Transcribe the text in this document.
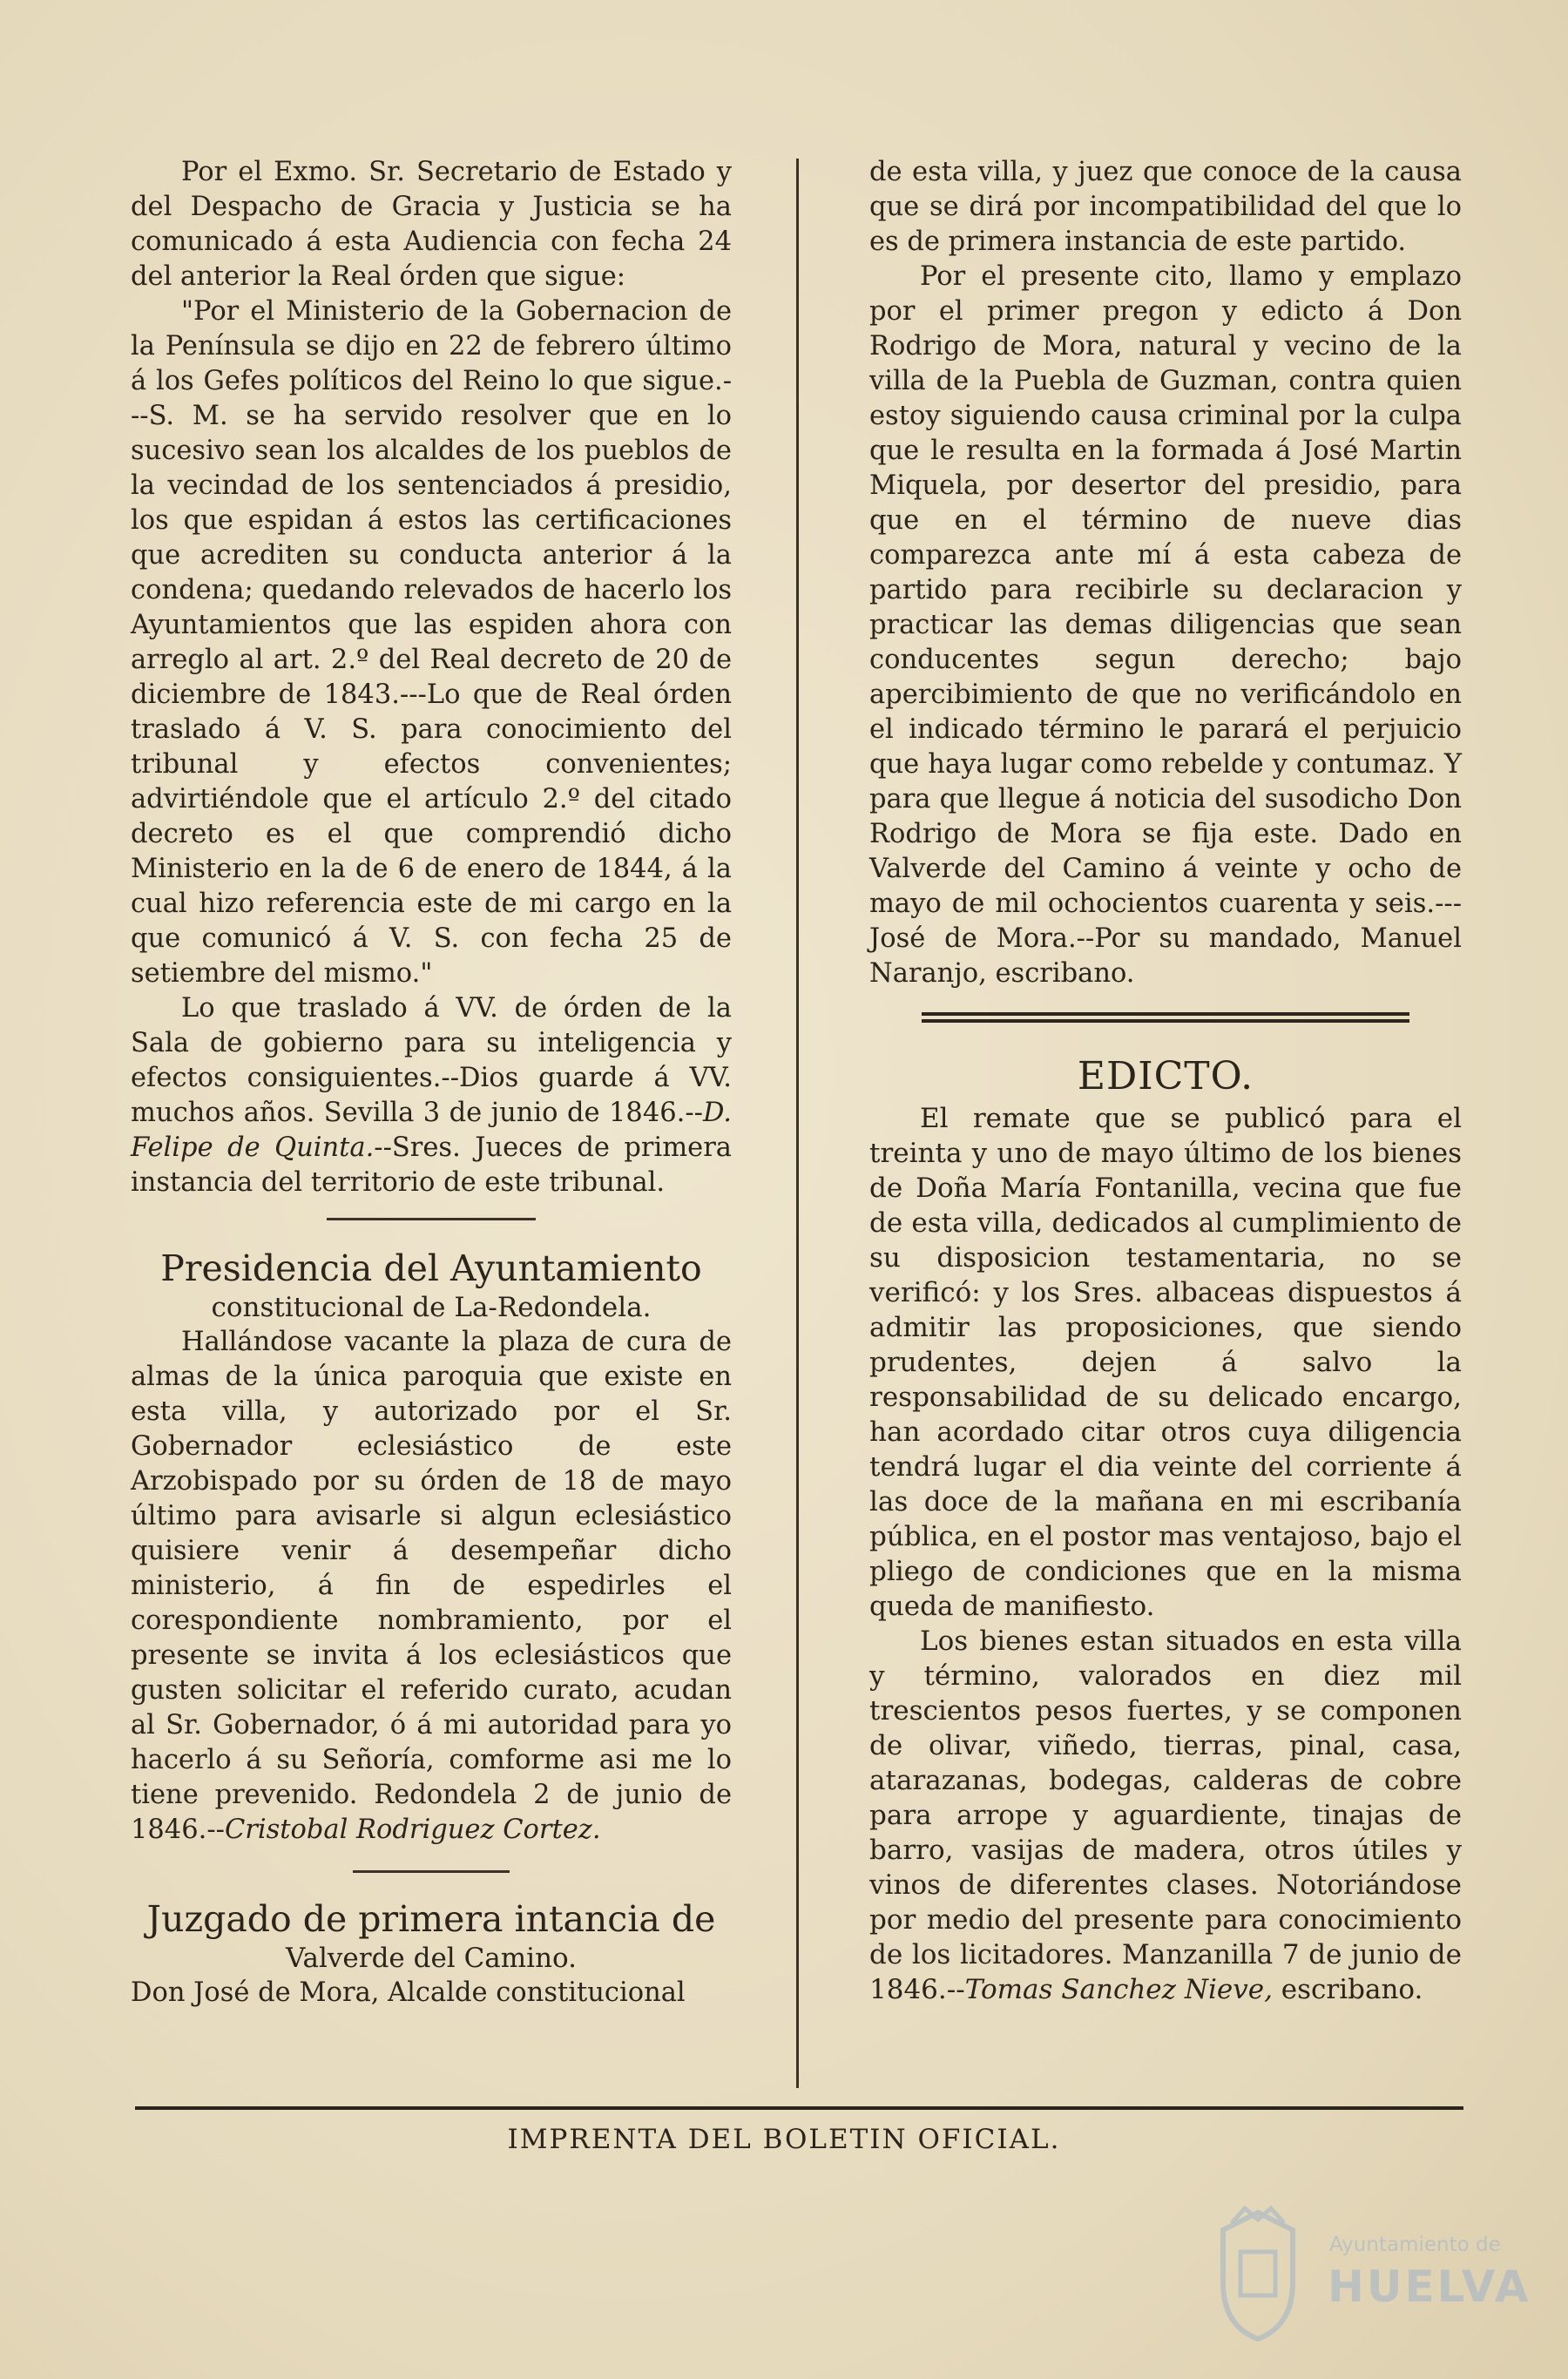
Por el Exmo. Sr. Secretario de Estado y del Despacho de Gracia y Justicia se ha comunicado á esta Audiencia con fecha 24 del anterior la Real órden que sigue:

"Por el Ministerio de la Gobernacion de la Península se dijo en 22 de febrero último á los Gefes políticos del Reino lo que sigue.---S. M. se ha servido resolver que en lo sucesivo sean los alcaldes de los pueblos de la vecindad de los sentenciados á presidio, los que espidan á estos las certificaciones que acrediten su conducta anterior á la condena; quedando relevados de hacerlo los Ayuntamientos que las espiden ahora con arreglo al art. 2.º del Real decreto de 20 de diciembre de 1843.---Lo que de Real órden traslado á V. S. para conocimiento del tribunal y efectos convenientes; advirtiéndole que el artículo 2.º del citado decreto es el que comprendió dicho Ministerio en la de 6 de enero de 1844, á la cual hizo referencia este de mi cargo en la que comunicó á V. S. con fecha 25 de setiembre del mismo."

Lo que traslado á VV. de órden de la Sala de gobierno para su inteligencia y efectos consiguientes.--Dios guarde á VV. muchos años. Sevilla 3 de junio de 1846.--D. Felipe de Quinta.--Sres. Jueces de primera instancia del territorio de este tribunal.

Presidencia del Ayuntamiento

constitucional de La-Redondela.

Hallándose vacante la plaza de cura de almas de la única paroquia que existe en esta villa, y autorizado por el Sr. Gobernador eclesiástico de este Arzobispado por su órden de 18 de mayo último para avisarle si algun eclesiástico quisiere venir á desempeñar dicho ministerio, á fin de espedirles el corespondiente nombramiento, por el presente se invita á los eclesiásticos que gusten solicitar el referido curato, acudan al Sr. Gobernador, ó á mi autoridad para yo hacerlo á su Señoría, comforme asi me lo tiene prevenido. Redondela 2 de junio de 1846.--Cristobal Rodriguez Cortez.

Juzgado de primera intancia de

Valverde del Camino.

Don José de Mora, Alcalde constitucional

de esta villa, y juez que conoce de la causa que se dirá por incompatibilidad del que lo es de primera instancia de este partido.

Por el presente cito, llamo y emplazo por el primer pregon y edicto á Don Rodrigo de Mora, natural y vecino de la villa de la Puebla de Guzman, contra quien estoy siguiendo causa criminal por la culpa que le resulta en la formada á José Martin Miquela, por desertor del presidio, para que en el término de nueve dias comparezca ante mí á esta cabeza de partido para recibirle su declaracion y practicar las demas diligencias que sean conducentes segun derecho; bajo apercibimiento de que no verificándolo en el indicado término le parará el perjuicio que haya lugar como rebelde y contumaz. Y para que llegue á noticia del susodicho Don Rodrigo de Mora se fija este. Dado en Valverde del Camino á veinte y ocho de mayo de mil ochocientos cuarenta y seis.---José de Mora.--Por su mandado, Manuel Naranjo, escribano.

EDICTO.

El remate que se publicó para el treinta y uno de mayo último de los bienes de Doña María Fontanilla, vecina que fue de esta villa, dedicados al cumplimiento de su disposicion testamentaria, no se verificó: y los Sres. albaceas dispuestos á admitir las proposiciones, que siendo prudentes, dejen á salvo la responsabilidad de su delicado encargo, han acordado citar otros cuya diligencia tendrá lugar el dia veinte del corriente á las doce de la mañana en mi escribanía pública, en el postor mas ventajoso, bajo el pliego de condiciones que en la misma queda de manifiesto.

Los bienes estan situados en esta villa y término, valorados en diez mil trescientos pesos fuertes, y se componen de olivar, viñedo, tierras, pinal, casa, atarazanas, bodegas, calderas de cobre para arrope y aguardiente, tinajas de barro, vasijas de madera, otros útiles y vinos de diferentes clases. Notoriándose por medio del presente para conocimiento de los licitadores. Manzanilla 7 de junio de 1846.--Tomas Sanchez Nieve, escribano.

IMPRENTA DEL BOLETIN OFICIAL.
Ayuntamiento de
HUELVA
